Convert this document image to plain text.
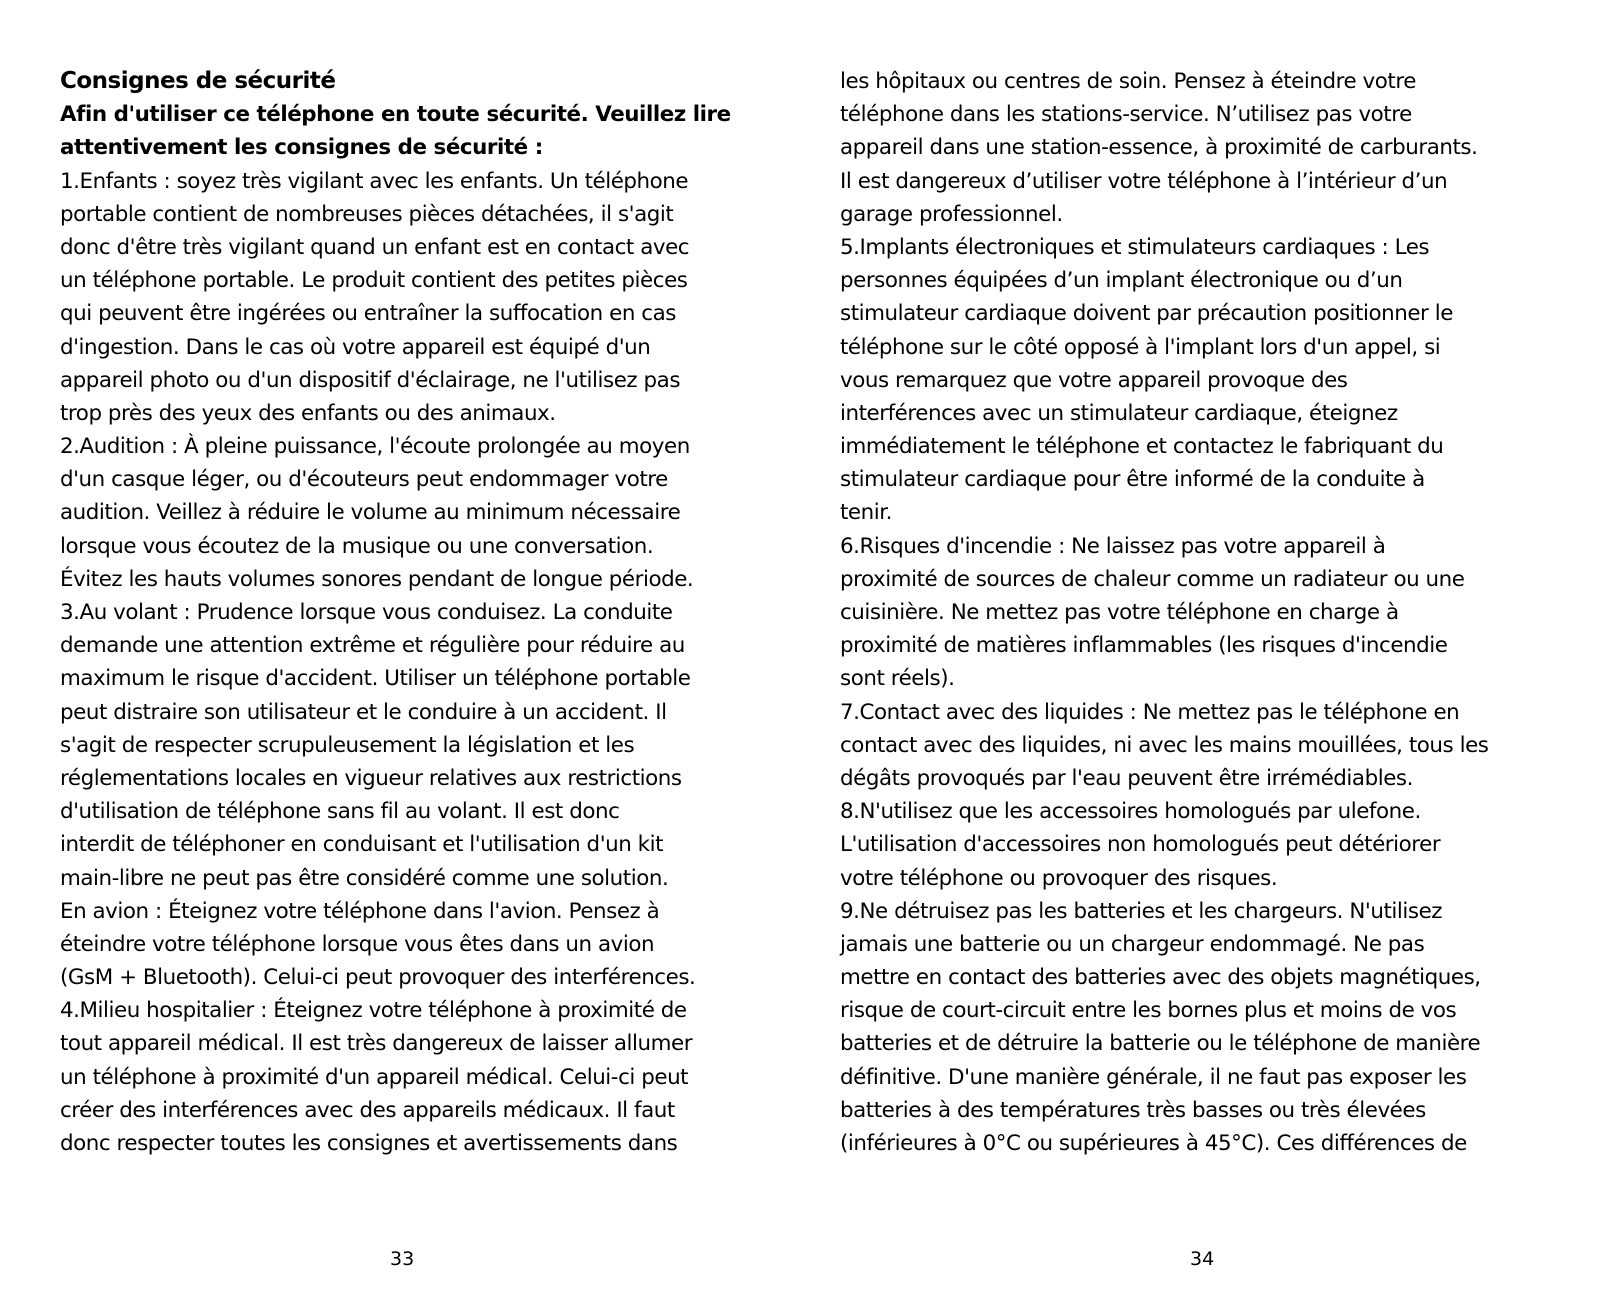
Consignes de sécurité
Afin d'utiliser ce téléphone en toute sécurité. Veuillez lire
attentivement les consignes de sécurité :
1.Enfants : soyez très vigilant avec les enfants. Un téléphone
portable contient de nombreuses pièces détachées, il s'agit
donc d'être très vigilant quand un enfant est en contact avec
un téléphone portable. Le produit contient des petites pièces
qui peuvent être ingérées ou entraîner la suffocation en cas
d'ingestion. Dans le cas où votre appareil est équipé d'un
appareil photo ou d'un dispositif d'éclairage, ne l'utilisez pas
trop près des yeux des enfants ou des animaux.
2.Audition : À pleine puissance, l'écoute prolongée au moyen
d'un casque léger, ou d'écouteurs peut endommager votre
audition. Veillez à réduire le volume au minimum nécessaire
lorsque vous écoutez de la musique ou une conversation.
Évitez les hauts volumes sonores pendant de longue période.
3.Au volant : Prudence lorsque vous conduisez. La conduite
demande une attention extrême et régulière pour réduire au
maximum le risque d'accident. Utiliser un téléphone portable
peut distraire son utilisateur et le conduire à un accident. Il
s'agit de respecter scrupuleusement la législation et les
réglementations locales en vigueur relatives aux restrictions
d'utilisation de téléphone sans fil au volant. Il est donc
interdit de téléphoner en conduisant et l'utilisation d'un kit
main-libre ne peut pas être considéré comme une solution.
En avion : Éteignez votre téléphone dans l'avion. Pensez à
éteindre votre téléphone lorsque vous êtes dans un avion
(GsM + Bluetooth). Celui-ci peut provoquer des interférences.
4.Milieu hospitalier : Éteignez votre téléphone à proximité de
tout appareil médical. Il est très dangereux de laisser allumer
un téléphone à proximité d'un appareil médical. Celui-ci peut
créer des interférences avec des appareils médicaux. Il faut
donc respecter toutes les consignes et avertissements dans
33
les hôpitaux ou centres de soin. Pensez à éteindre votre
téléphone dans les stations-service. N’utilisez pas votre
appareil dans une station-essence, à proximité de carburants.
Il est dangereux d’utiliser votre téléphone à l’intérieur d’un
garage professionnel.
5.Implants électroniques et stimulateurs cardiaques : Les
personnes équipées d’un implant électronique ou d’un
stimulateur cardiaque doivent par précaution positionner le
téléphone sur le côté opposé à l'implant lors d'un appel, si
vous remarquez que votre appareil provoque des
interférences avec un stimulateur cardiaque, éteignez
immédiatement le téléphone et contactez le fabriquant du
stimulateur cardiaque pour être informé de la conduite à
tenir.
6.Risques d'incendie : Ne laissez pas votre appareil à
proximité de sources de chaleur comme un radiateur ou une
cuisinière. Ne mettez pas votre téléphone en charge à
proximité de matières inflammables (les risques d'incendie
sont réels).
7.Contact avec des liquides : Ne mettez pas le téléphone en
contact avec des liquides, ni avec les mains mouillées, tous les
dégâts provoqués par l'eau peuvent être irrémédiables.
8.N'utilisez que les accessoires homologués par ulefone.
L'utilisation d'accessoires non homologués peut détériorer
votre téléphone ou provoquer des risques.
9.Ne détruisez pas les batteries et les chargeurs. N'utilisez
jamais une batterie ou un chargeur endommagé. Ne pas
mettre en contact des batteries avec des objets magnétiques,
risque de court-circuit entre les bornes plus et moins de vos
batteries et de détruire la batterie ou le téléphone de manière
définitive. D'une manière générale, il ne faut pas exposer les
batteries à des températures très basses ou très élevées
(inférieures à 0°C ou supérieures à 45°C). Ces différences de
34
